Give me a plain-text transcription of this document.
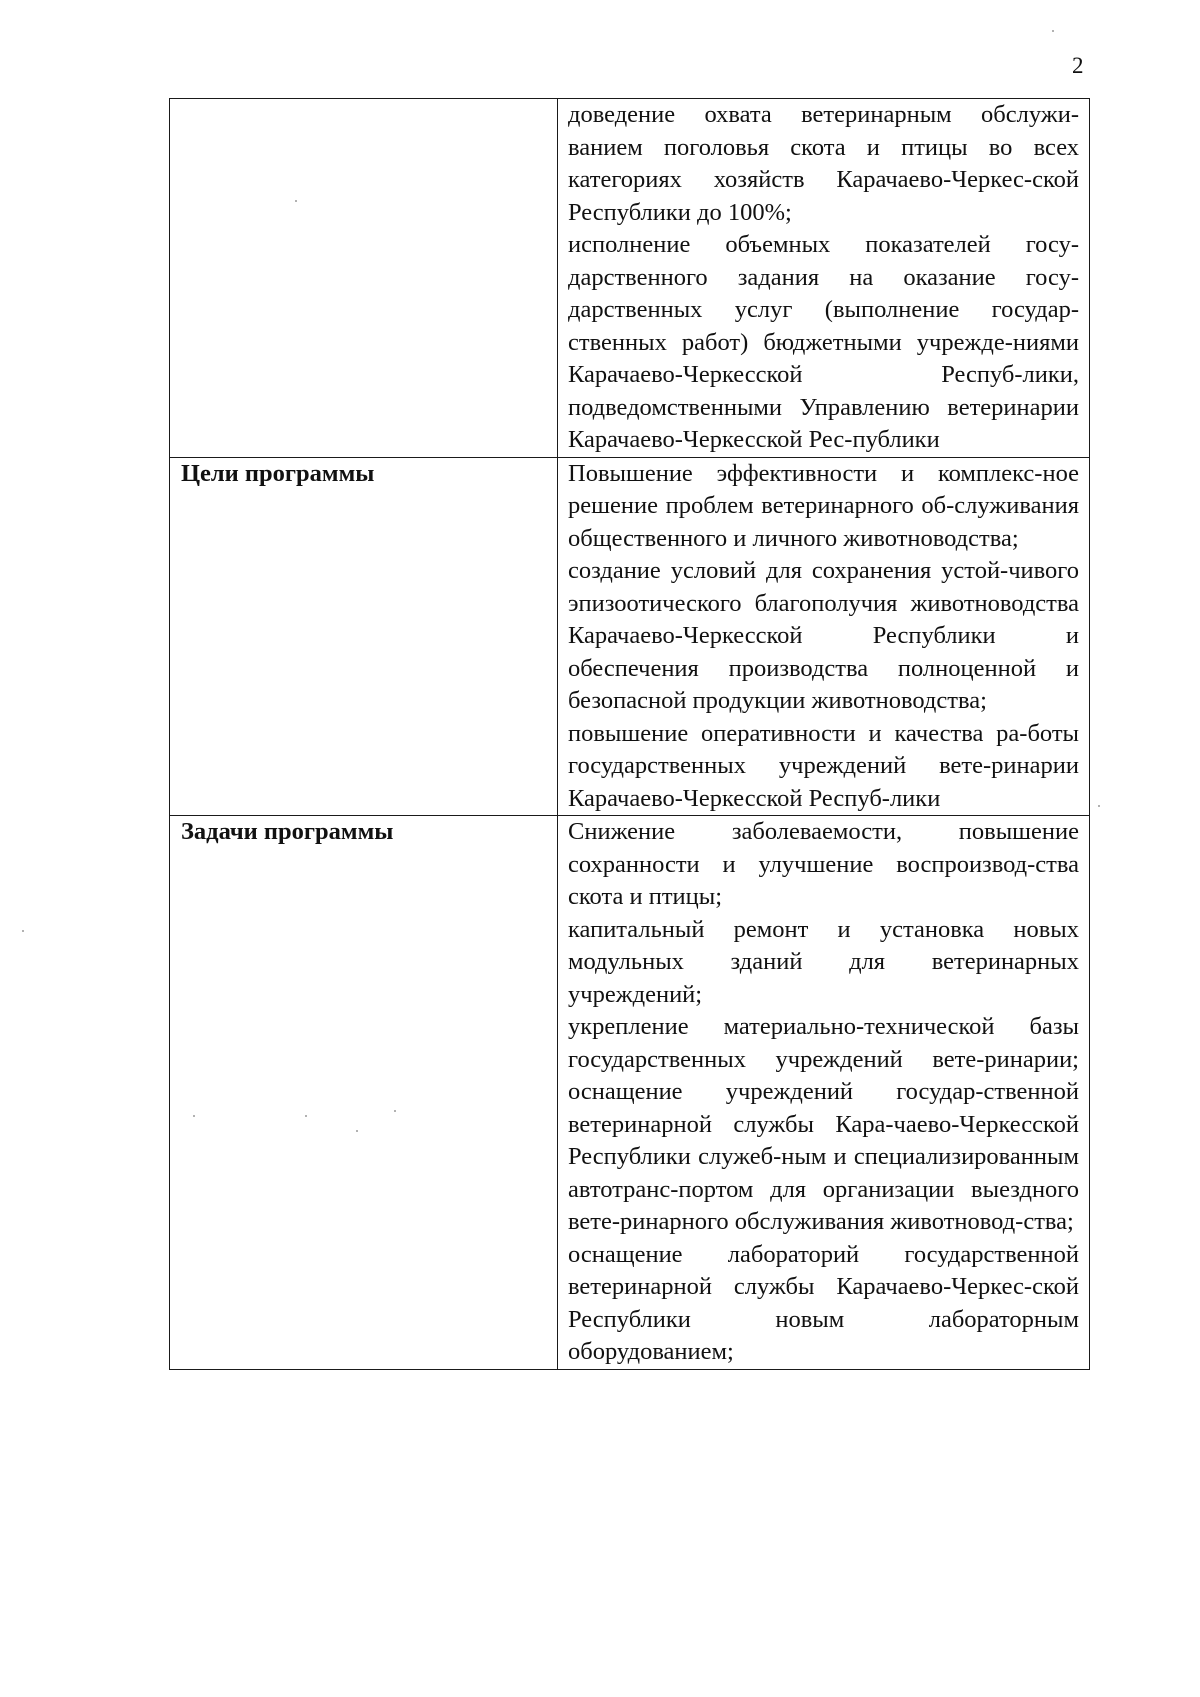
2

	доведение охвата ветеринарным обслужи-ванием поголовья скота и птицы во всех категориях хозяйств Карачаево-Черкес-ской Республики до 100%;
исполнение объемных показателей госу-дарственного задания на оказание госу-дарственных услуг (выполнение государ-ственных работ) бюджетными учрежде-ниями Карачаево-Черкесской Респуб-лики, подведомственными Управлению ветеринарии Карачаево-Черкесской Рес-публики

Цели программы	Повышение эффективности и комплекс-ное решение проблем ветеринарного об-служивания общественного и личного животноводства;
создание условий для сохранения устой-чивого эпизоотического благополучия животноводства Карачаево-Черкесской Республики и обеспечения производства полноценной и безопасной продукции животноводства;
повышение оперативности и качества ра-боты государственных учреждений вете-ринарии Карачаево-Черкесской Респуб-лики

Задачи программы	Снижение заболеваемости, повышение сохранности и улучшение воспроизвод-ства скота и птицы;
капитальный ремонт и установка новых модульных зданий для ветеринарных учреждений;
укрепление материально-технической базы государственных учреждений вете-ринарии; оснащение учреждений государ-ственной ветеринарной службы Кара-чаево-Черкесской Республики служеб-ным и специализированным автотранс-портом для организации выездного вете-ринарного обслуживания животновод-ства;
оснащение лабораторий государственной ветеринарной службы Карачаево-Черкес-ской Республики новым лабораторным оборудованием;
